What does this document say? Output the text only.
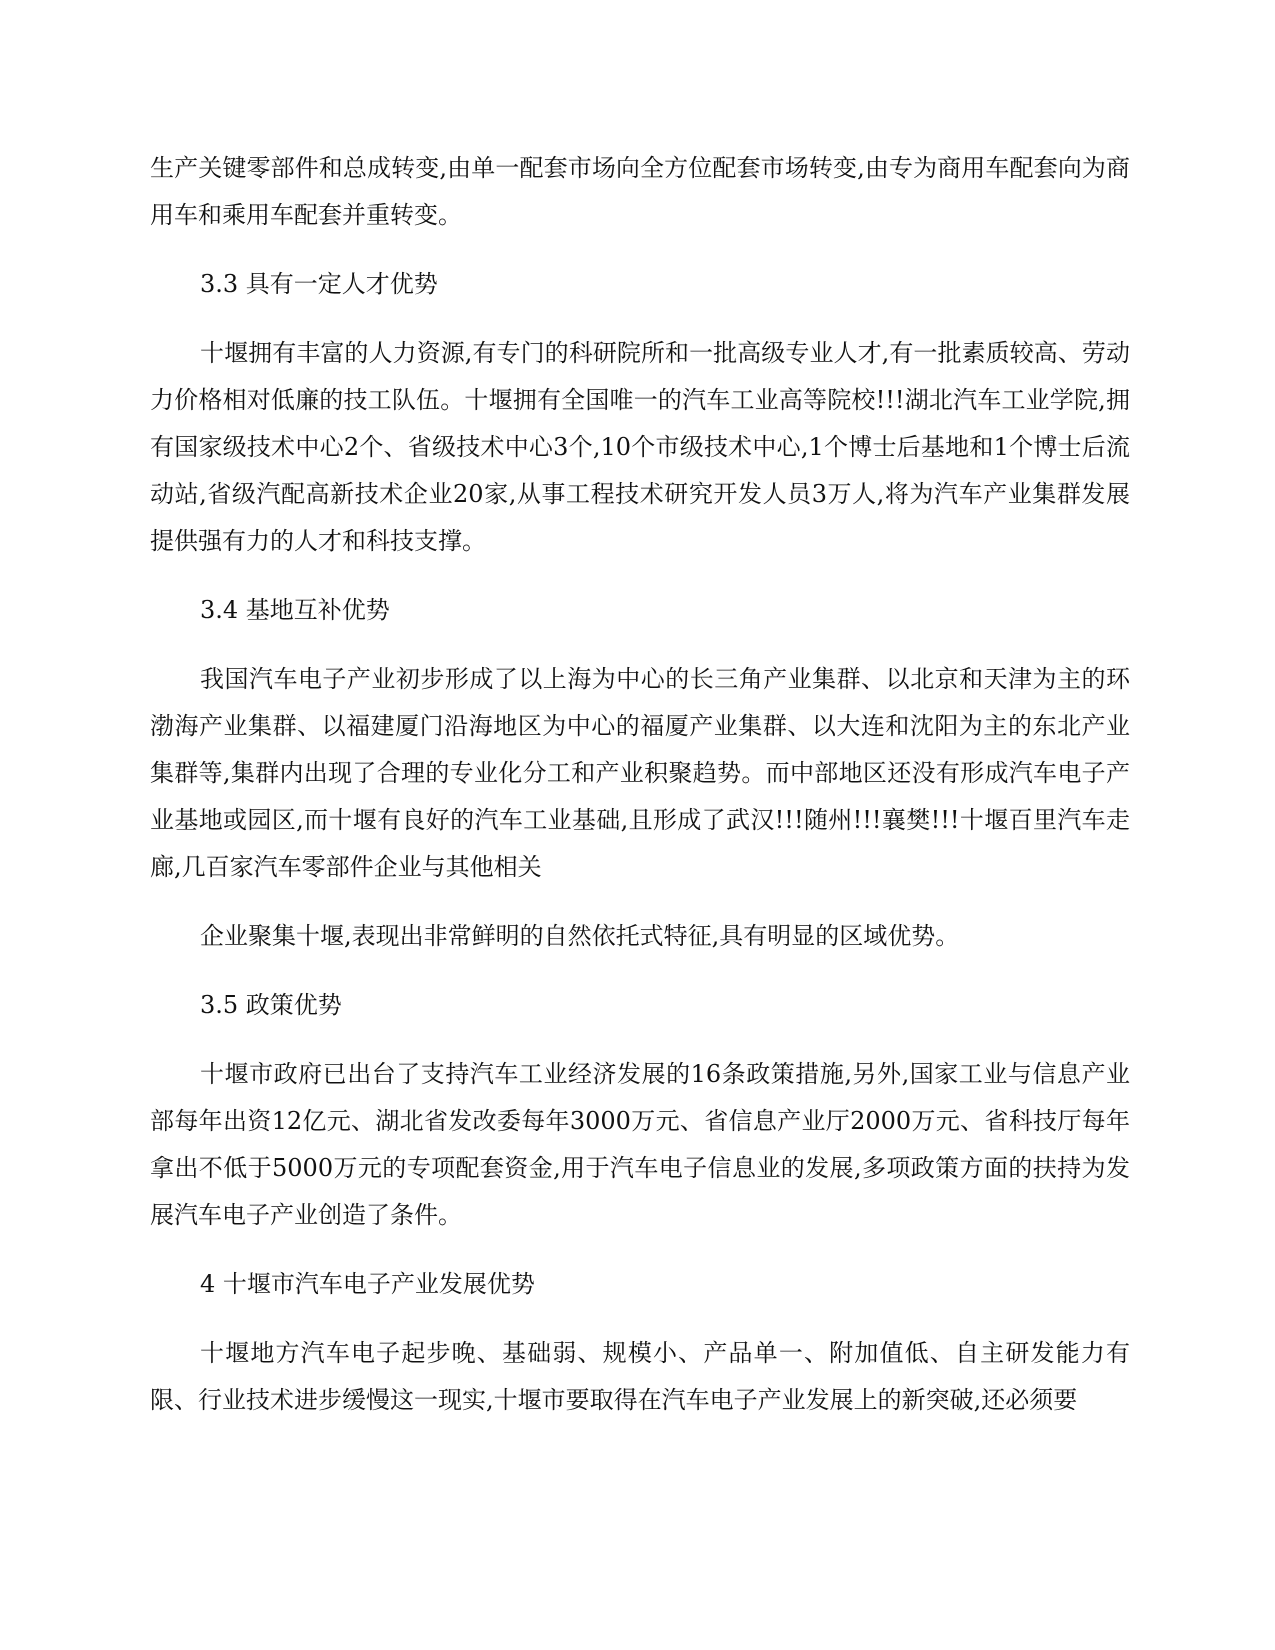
生产关键零部件和总成转变,由单一配套市场向全方位配套市场转变,由专为商用车配套向为商用车和乘用车配套并重转变。

3.3 具有一定人才优势

十堰拥有丰富的人力资源,有专门的科研院所和一批高级专业人才,有一批素质较高、劳动力价格相对低廉的技工队伍。十堰拥有全国唯一的汽车工业高等院校!!!湖北汽车工业学院,拥有国家级技术中心2个、省级技术中心3个,10个市级技术中心,1个博士后基地和1个博士后流动站,省级汽配高新技术企业20家,从事工程技术研究开发人员3万人,将为汽车产业集群发展提供强有力的人才和科技支撑。

3.4 基地互补优势

我国汽车电子产业初步形成了以上海为中心的长三角产业集群、以北京和天津为主的环渤海产业集群、以福建厦门沿海地区为中心的福厦产业集群、以大连和沈阳为主的东北产业集群等,集群内出现了合理的专业化分工和产业积聚趋势。而中部地区还没有形成汽车电子产业基地或园区,而十堰有良好的汽车工业基础,且形成了武汉!!!随州!!!襄樊!!!十堰百里汽车走廊,几百家汽车零部件企业与其他相关

企业聚集十堰,表现出非常鲜明的自然依托式特征,具有明显的区域优势。

3.5 政策优势

十堰市政府已出台了支持汽车工业经济发展的16条政策措施,另外,国家工业与信息产业部每年出资12亿元、湖北省发改委每年3000万元、省信息产业厅2000万元、省科技厅每年拿出不低于5000万元的专项配套资金,用于汽车电子信息业的发展,多项政策方面的扶持为发展汽车电子产业创造了条件。

4 十堰市汽车电子产业发展优势

十堰地方汽车电子起步晚、基础弱、规模小、产品单一、附加值低、自主研发能力有限、行业技术进步缓慢这一现实,十堰市要取得在汽车电子产业发展上的新突破,还必须要
